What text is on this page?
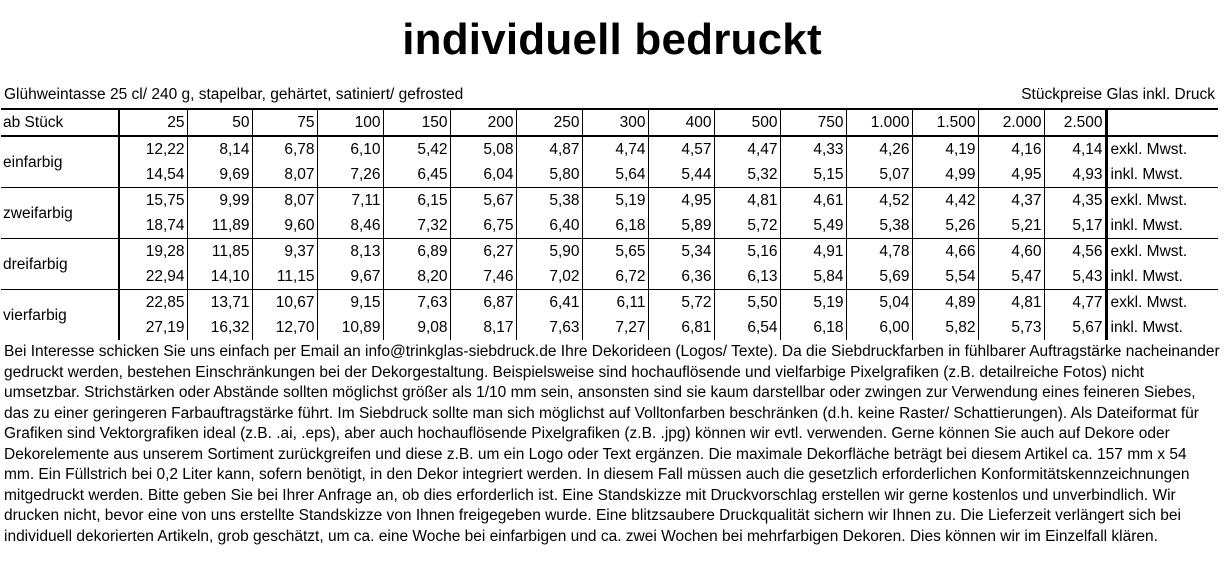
individuell bedruckt
Glühweintasse 25 cl/ 240 g, stapelbar, gehärtet, satiniert/ gefrosted	Stückpreise Glas inkl. Druck
ab Stück	25	50	75	100	150	200	250	300	400	500	750	1.000	1.500	2.000	2.500	
einfarbig	12,22	8,14	6,78	6,10	5,42	5,08	4,87	4,74	4,57	4,47	4,33	4,26	4,19	4,16	4,14	exkl. Mwst.
	14,54	9,69	8,07	7,26	6,45	6,04	5,80	5,64	5,44	5,32	5,15	5,07	4,99	4,95	4,93	inkl. Mwst.
zweifarbig	15,75	9,99	8,07	7,11	6,15	5,67	5,38	5,19	4,95	4,81	4,61	4,52	4,42	4,37	4,35	exkl. Mwst.
	18,74	11,89	9,60	8,46	7,32	6,75	6,40	6,18	5,89	5,72	5,49	5,38	5,26	5,21	5,17	inkl. Mwst.
dreifarbig	19,28	11,85	9,37	8,13	6,89	6,27	5,90	5,65	5,34	5,16	4,91	4,78	4,66	4,60	4,56	exkl. Mwst.
	22,94	14,10	11,15	9,67	8,20	7,46	7,02	6,72	6,36	6,13	5,84	5,69	5,54	5,47	5,43	inkl. Mwst.
vierfarbig	22,85	13,71	10,67	9,15	7,63	6,87	6,41	6,11	5,72	5,50	5,19	5,04	4,89	4,81	4,77	exkl. Mwst.
	27,19	16,32	12,70	10,89	9,08	8,17	7,63	7,27	6,81	6,54	6,18	6,00	5,82	5,73	5,67	inkl. Mwst.
Bei Interesse schicken Sie uns einfach per Email an info@trinkglas-siebdruck.de Ihre Dekorideen (Logos/ Texte). Da die Siebdruckfarben in fühlbarer Auftragstärke nacheinander gedruckt werden, bestehen Einschränkungen bei der Dekorgestaltung. Beispielsweise sind hochauflösende und vielfarbige Pixelgrafiken (z.B. detailreiche Fotos) nicht umsetzbar. Strichstärken oder Abstände sollten möglichst größer als 1/10 mm sein, ansonsten sind sie kaum darstellbar oder zwingen zur Verwendung eines feineren Siebes, das zu einer geringeren Farbauftragstärke führt. Im Siebdruck sollte man sich möglichst auf Volltonfarben beschränken (d.h. keine Raster/ Schattierungen). Als Dateiformat für Grafiken sind Vektorgrafiken ideal (z.B. .ai, .eps), aber auch hochauflösende Pixelgrafiken (z.B. .jpg) können wir evtl. verwenden. Gerne können Sie auch auf Dekore oder Dekorelemente aus unserem Sortiment zurückgreifen und diese z.B. um ein Logo oder Text ergänzen. Die maximale Dekorfläche beträgt bei diesem Artikel ca. 157 mm x 54 mm. Ein Füllstrich bei 0,2 Liter kann, sofern benötigt, in den Dekor integriert werden. In diesem Fall müssen auch die gesetzlich erforderlichen Konformitätskennzeichnungen mitgedruckt werden. Bitte geben Sie bei Ihrer Anfrage an, ob dies erforderlich ist. Eine Standskizze mit Druckvorschlag erstellen wir gerne kostenlos und unverbindlich. Wir drucken nicht, bevor eine von uns erstellte Standskizze von Ihnen freigegeben wurde. Eine blitzsaubere Druckqualität sichern wir Ihnen zu. Die Lieferzeit verlängert sich bei individuell dekorierten Artikeln, grob geschätzt, um ca. eine Woche bei einfarbigen und ca. zwei Wochen bei mehrfarbigen Dekoren. Dies können wir im Einzelfall klären.
